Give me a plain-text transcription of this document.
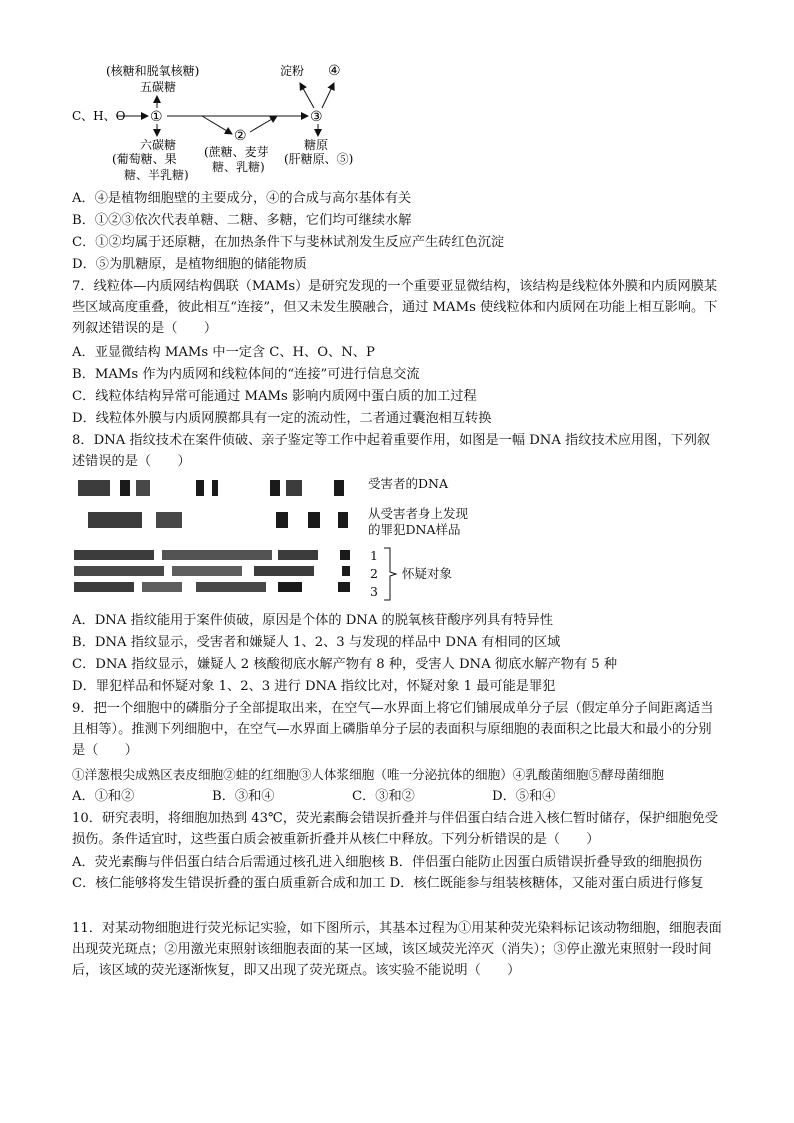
(核糖和脱氧核糖)
五碳糖
C、H、O ①
②
③
淀粉 ④
六碳糖
(葡萄糖、果 (蔗糖、麦芽	糖原
(肝糖原、⑤)
糖、半乳糖)
糖、乳糖)
A．④是植物细胞壁的主要成分，④的合成与高尔基体有关
B．①②③依次代表单糖、二糖、多糖，它们均可继续水解
C．①②均属于还原糖，在加热条件下与斐林试剂发生反应产生砖红色沉淀
D．⑤为肌糖原，是植物细胞的储能物质
7．线粒体—内质网结构偶联（MAMs）是研究发现的一个重要亚显微结构，该结构是线粒体外膜和内质网膜某些区域高度重叠，彼此相互“连接”，但又未发生膜融合，通过 MAMs 使线粒体和内质网在功能上相互影响。下列叙述错误的是（　　）
A．亚显微结构 MAMs 中一定含 C、H、O、N、P
B．MAMs 作为内质网和线粒体间的“连接”可进行信息交流
C．线粒体结构异常可能通过 MAMs 影响内质网中蛋白质的加工过程
D．线粒体外膜与内质网膜都具有一定的流动性，二者通过囊泡相互转换
8．DNA 指纹技术在案件侦破、亲子鉴定等工作中起着重要作用，如图是一幅 DNA 指纹技术应用图，下列叙述错误的是（　　）
受害者的DNA
从受害者身上发现
的罪犯DNA样品
1
2
3
怀疑对象
A．DNA 指纹能用于案件侦破，原因是个体的 DNA 的脱氧核苷酸序列具有特异性
B．DNA 指纹显示，受害者和嫌疑人 1、2、3 与发现的样品中 DNA 有相同的区域
C．DNA 指纹显示，嫌疑人 2 核酸彻底水解产物有 8 种，受害人 DNA 彻底水解产物有 5 种
D．罪犯样品和怀疑对象 1、2、3 进行 DNA 指纹比对，怀疑对象 1 最可能是罪犯
9．把一个细胞中的磷脂分子全部提取出来，在空气—水界面上将它们铺展成单分子层（假定单分子间距离适当且相等）。推测下列细胞中，在空气—水界面上磷脂单分子层的表面积与原细胞的表面积之比最大和最小的分别是（　　）
①洋葱根尖成熟区表皮细胞②蛙的红细胞③人体浆细胞（唯一分泌抗体的细胞）④乳酸菌细胞⑤酵母菌细胞
A．①和②	B．③和④	C．③和②	D．⑤和④
10．研究表明，将细胞加热到 43℃，荧光素酶会错误折叠并与伴侣蛋白结合进入核仁暂时储存，保护细胞免受损伤。条件适宜时，这些蛋白质会被重新折叠并从核仁中释放。下列分析错误的是（　　）
A．荧光素酶与伴侣蛋白结合后需通过核孔进入细胞核 B．伴侣蛋白能防止因蛋白质错误折叠导致的细胞损伤 C．核仁能够将发生错误折叠的蛋白质重新合成和加工 D．核仁既能参与组装核糖体，又能对蛋白质进行修复
11．对某动物细胞进行荧光标记实验，如下图所示，其基本过程为①用某种荧光染料标记该动物细胞，细胞表面出现荧光斑点；②用激光束照射该细胞表面的某一区域，该区域荧光淬灭（消失）；③停止激光束照射一段时间后，该区域的荧光逐渐恢复，即又出现了荧光斑点。该实验不能说明（　　）
